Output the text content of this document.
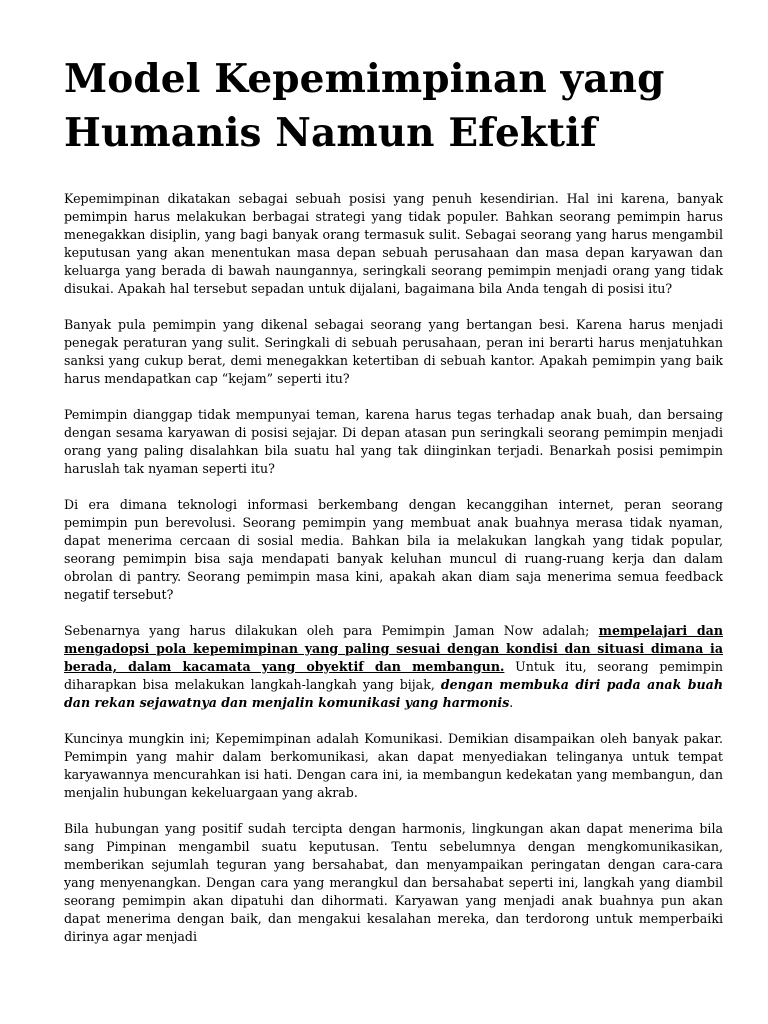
Model Kepemimpinan yang Humanis Namun Efektif

Kepemimpinan dikatakan sebagai sebuah posisi yang penuh kesendirian. Hal ini karena, banyak pemimpin harus melakukan berbagai strategi yang tidak populer. Bahkan seorang pemimpin harus menegakkan disiplin, yang bagi banyak orang termasuk sulit. Sebagai seorang yang harus mengambil keputusan yang akan menentukan masa depan sebuah perusahaan dan masa depan karyawan dan keluarga yang berada di bawah naungannya, seringkali seorang pemimpin menjadi orang yang tidak disukai. Apakah hal tersebut sepadan untuk dijalani, bagaimana bila Anda tengah di posisi itu?

Banyak pula pemimpin yang dikenal sebagai seorang yang bertangan besi. Karena harus menjadi penegak peraturan yang sulit. Seringkali di sebuah perusahaan, peran ini berarti harus menjatuhkan sanksi yang cukup berat, demi menegakkan ketertiban di sebuah kantor. Apakah pemimpin yang baik harus mendapatkan cap “kejam” seperti itu?

Pemimpin dianggap tidak mempunyai teman, karena harus tegas terhadap anak buah, dan bersaing dengan sesama karyawan di posisi sejajar. Di depan atasan pun seringkali seorang pemimpin menjadi orang yang paling disalahkan bila suatu hal yang tak diinginkan terjadi. Benarkah posisi pemimpin haruslah tak nyaman seperti itu?

Di era dimana teknologi informasi berkembang dengan kecanggihan internet, peran seorang pemimpin pun berevolusi. Seorang pemimpin yang membuat anak buahnya merasa tidak nyaman, dapat menerima cercaan di sosial media. Bahkan bila ia melakukan langkah yang tidak popular, seorang pemimpin bisa saja mendapati banyak keluhan muncul di ruang-ruang kerja dan dalam obrolan di pantry. Seorang pemimpin masa kini, apakah akan diam saja menerima semua feedback negatif tersebut?

Sebenarnya yang harus dilakukan oleh para Pemimpin Jaman Now adalah; mempelajari dan mengadopsi pola kepemimpinan yang paling sesuai dengan kondisi dan situasi dimana ia berada, dalam kacamata yang obyektif dan membangun. Untuk itu, seorang pemimpin diharapkan bisa melakukan langkah-langkah yang bijak, dengan membuka diri pada anak buah dan rekan sejawatnya dan menjalin komunikasi yang harmonis.

Kuncinya mungkin ini; Kepemimpinan adalah Komunikasi. Demikian disampaikan oleh banyak pakar. Pemimpin yang mahir dalam berkomunikasi, akan dapat menyediakan telinganya untuk tempat karyawannya mencurahkan isi hati. Dengan cara ini, ia membangun kedekatan yang membangun, dan menjalin hubungan kekeluargaan yang akrab.

Bila hubungan yang positif sudah tercipta dengan harmonis, lingkungan akan dapat menerima bila sang Pimpinan mengambil suatu keputusan. Tentu sebelumnya dengan mengkomunikasikan, memberikan sejumlah teguran yang bersahabat, dan menyampaikan peringatan dengan cara-cara yang menyenangkan. Dengan cara yang merangkul dan bersahabat seperti ini, langkah yang diambil seorang pemimpin akan dipatuhi dan dihormati. Karyawan yang menjadi anak buahnya pun akan dapat menerima dengan baik, dan mengakui kesalahan mereka, dan terdorong untuk memperbaiki dirinya agar menjadi
